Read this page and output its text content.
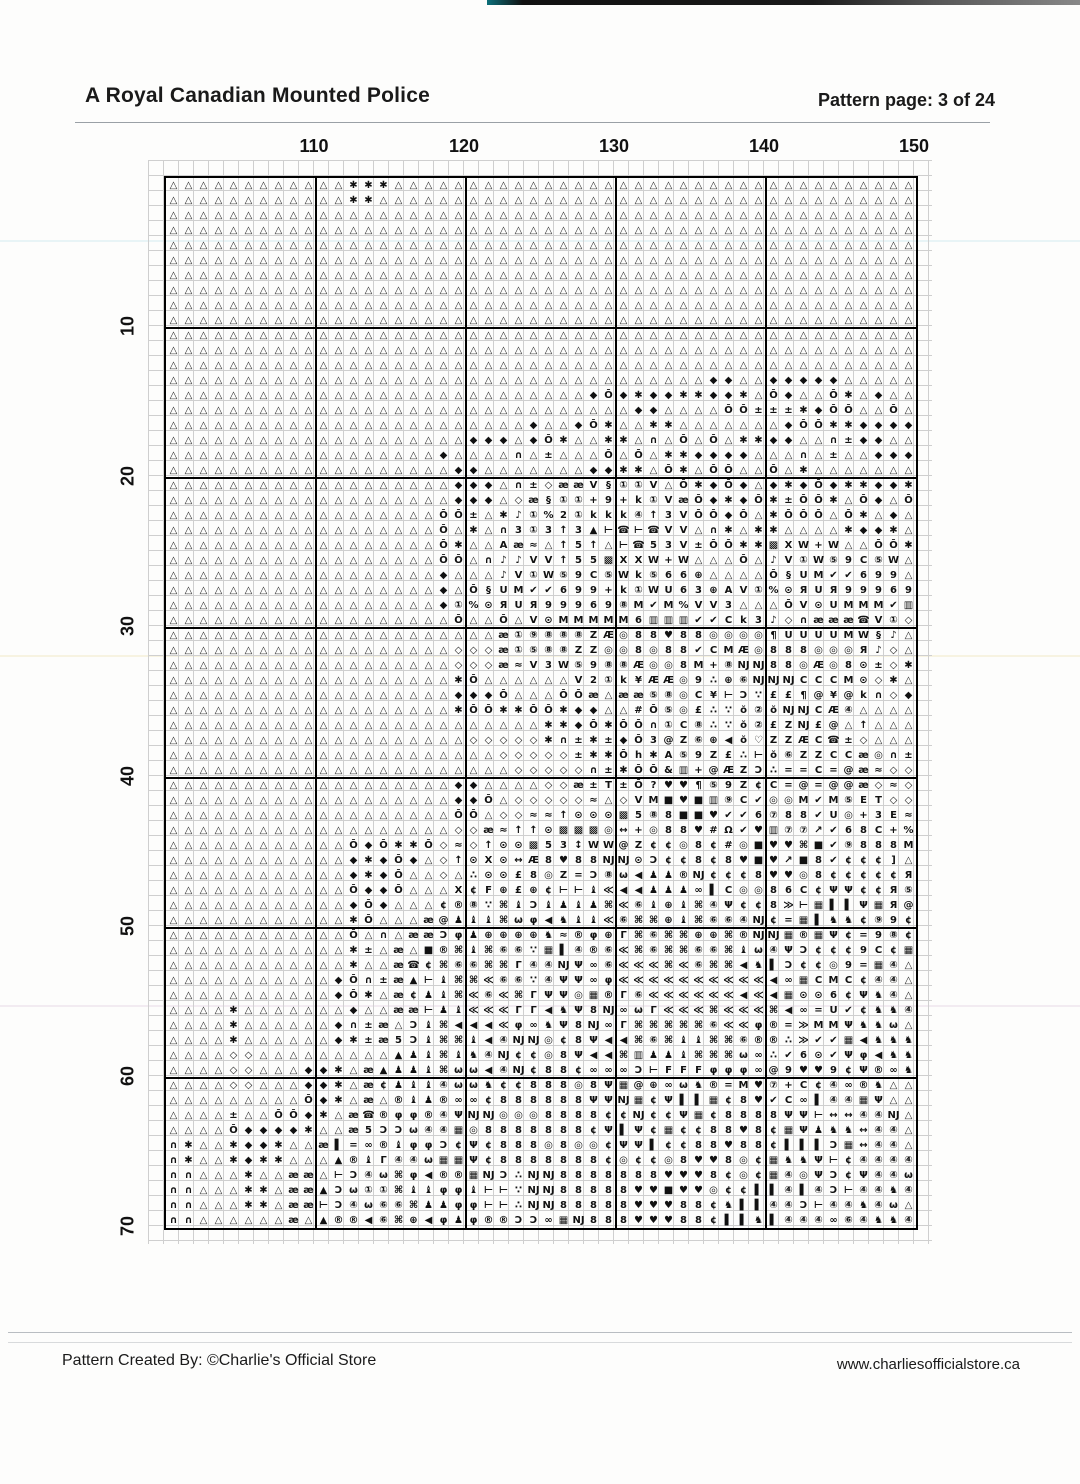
A Royal Canadian Mounted Police	Pattern page: 3 of 24
110	120	130	140	150
10
20
30
40
50
60
70
△ △ △ △ △ △ △ △ △ △ △ △ ✱ ✱ ✱ △ △ △ △ △ △ △ △ △ △ △ △ △ △ △ △ △ △ △ △ △ △ △ △ △ △ △ △ △ △ △ △ △ △ △
△ △ △ △ △ △ △ △ △ △ △ △ ✱ ✱ △ △ △ △ △ △ △ △ △ △ △ △ △ △ △ △ △ △ △ △ △ △ △ △ △ △ △ △ △ △ △ △ △ △ △ △
△ △ △ △ △ △ △ △ △ △ △ △ △ △ △ △ △ △ △ △ △ △ △ △ △ △ △ △ △ △ △ △ △ △ △ △ △ △ △ △ △ △ △ △ △ △ △ △ △ △
△ △ △ △ △ △ △ △ △ △ △ △ △ △ △ △ △ △ △ △ △ △ △ △ △ △ △ △ △ △ △ △ △ △ △ △ △ △ △ △ △ △ △ △ △ △ △ △ △ △
△ △ △ △ △ △ △ △ △ △ △ △ △ △ △ △ △ △ △ △ △ △ △ △ △ △ △ △ △ △ △ △ △ △ △ △ △ △ △ △ △ △ △ △ △ △ △ △ △ △
△ △ △ △ △ △ △ △ △ △ △ △ △ △ △ △ △ △ △ △ △ △ △ △ △ △ △ △ △ △ △ △ △ △ △ △ △ △ △ △ △ △ △ △ △ △ △ △ △ △
△ △ △ △ △ △ △ △ △ △ △ △ △ △ △ △ △ △ △ △ △ △ △ △ △ △ △ △ △ △ △ △ △ △ △ △ △ △ △ △ △ △ △ △ △ △ △ △ △ △
△ △ △ △ △ △ △ △ △ △ △ △ △ △ △ △ △ △ △ △ △ △ △ △ △ △ △ △ △ △ △ △ △ △ △ △ △ △ △ △ △ △ △ △ △ △ △ △ △ △
△ △ △ △ △ △ △ △ △ △ △ △ △ △ △ △ △ △ △ △ △ △ △ △ △ △ △ △ △ △ △ △ △ △ △ △ △ △ △ △ △ △ △ △ △ △ △ △ △ △
△ △ △ △ △ △ △ △ △ △ △ △ △ △ △ △ △ △ △ △ △ △ △ △ △ △ △ △ △ △ △ △ △ △ △ △ △ △ △ △ △ △ △ △ △ △ △ △ △ △
△ △ △ △ △ △ △ △ △ △ △ △ △ △ △ △ △ △ △ △ △ △ △ △ △ △ △ △ △ △ △ △ △ △ △ △ △ △ △ △ △ △ △ △ △ △ △ △ △ △
△ △ △ △ △ △ △ △ △ △ △ △ △ △ △ △ △ △ △ △ △ △ △ △ △ △ △ △ △ △ △ △ △ △ △ △ △ △ △ △ △ △ △ △ △ △ △ △ △ △
△ △ △ △ △ △ △ △ △ △ △ △ △ △ △ △ △ △ △ △ △ △ △ △ △ △ △ △ △ △ △ △ △ △ △ △ △ △ △ △ △ △ △ △ △ △ △ △ △ △
△ △ △ △ △ △ △ △ △ △ △ △ △ △ △ △ △ △ △ △ △ △ △ △ △ △ △ △ △ △ △ △ △ △ △ △ ◆ ◆ △ △ ◆ ◆ ◆ ◆ ◆ △ △ △ △ △
△ △ △ △ △ △ △ △ △ △ △ △ △ △ △ △ △ △ △ △ △ △ △ △ △ △ △ △ ◆ Ō ◆ ✱ ◆ ◆ ✱ ✱ ◆ ◆ ✱ △ Ō ◆ △ △ Ō ✱ △ ◆ △ △
△ △ △ △ △ △ △ △ △ △ △ △ △ △ △ △ △ △ △ △ △ △ △ △ △ △ △ △ △ △ △ ◆ ◆ △ △ △ △ Ō Ō ± ± ± ✱ ◆ Ō Ō △ △ Ō △
△ △ △ △ △ △ △ △ △ △ △ △ △ △ △ △ △ △ △ △ △ △ △ △ ◆ △ △ ◆ Ō ✱ △ △ ✱ ✱ △ △ △ △ △ △ △ ◆ Ō Ō ✱ ✱ ◆ ◆ ◆ ◆
△ △ △ △ △ △ △ △ △ △ △ △ △ △ △ △ △ △ △ △ ◆ ◆ ◆ △ ◆ Ō ✱ △ △ ✱ ✱ △ ∩ △ Ō △ Ō △ ✱ ✱ ◆ ◆ △ △ ∩ ± ◆ ◆ △ △
△ △ △ △ △ △ △ △ △ △ △ △ △ △ △ △ △ △ ◆ △ △ △ △ ∩ △ ± △ △ △ Ō △ Ō △ ✱ ✱ ◆ ◆ ◆ ◆ △ △ △ ∩ △ ± △ △ ◆ ◆ ◆
△ △ △ △ △ △ △ △ △ △ △ △ △ △ △ △ △ △ △ ◆ ◆ △ △ △ △ △ △ △ ◆ ◆ ✱ ✱ △ Ō ✱ △ Ō Ō △ △ Ō △ ✱ △ △ △ △ △ △ △
△ △ △ △ △ △ △ △ △ △ △ △ △ △ △ △ △ △ △ ◆ ◆ ◆ △ ∩ ± ◇ æ æ V § ① ① V △ Ō ✱ ◆ Ō ◆ △ ◆ ✱ ◆ Ō ◆ ✱ ✱ ◆ ◆ ✱
△ △ △ △ △ △ △ △ △ △ △ △ △ △ △ △ △ △ △ ◆ ◆ ◆ △ ◇ æ § ① ① + 9 + k ① V æ Ō ◆ ✱ ◆ Ō ✱ ± Ō Ō ✱ △ Ō ◆ △ Ō
△ △ △ △ △ △ △ △ △ △ △ △ △ △ △ △ △ △ Ō Ō ± △ ✱ ♪ ① % 2 ① k k k ④ ↑ 3 V Ō Ō ◆ Ō △ ✱ Ō Ō Ō △ Ō ✱ △ ◆ △
△ △ △ △ △ △ △ △ △ △ △ △ △ △ △ △ △ △ Ō △ ✱ △ ∩ 3 ① 3 ↑ 3 ▲ ⊢ ☎ ⊢ ☎ V V △ ∩ ✱ △ ✱ ✱ △ △ △ △ ✱ ◆ ◆ ✱ △
△ △ △ △ △ △ △ △ △ △ △ △ △ △ △ △ △ △ Ō ✱ △ △ A æ ≈ △ ↑ 5 ↑ △ ⊢ ☎ 5 3 V ± Ō Ō ✱ ✱ ▩ X W + W △ △ Ō Ō ✱
△ △ △ △ △ △ △ △ △ △ △ △ △ △ △ △ △ △ Ō Ō △ ∩ ♪ ♪ V V ↑ 5 5 ▩ X X W + W △ △ △ Ō △ ♪ V ① W ⑤ 9 C ⑤ W △
△ △ △ △ △ △ △ △ △ △ △ △ △ △ △ △ △ △ ◆ △ △ △ ♪ V ① W ⑤ 9 C ⑤ W k ⑤ 6 6 ⊕ △ △ △ △ Ō § U M ✔ ✔ 6 9 9 △
△ △ △ △ △ △ △ △ △ △ △ △ △ △ △ △ △ △ ◆ △ Ō § U M ✔ ✔ 6 9 9 + k ① W U 6 3 ⊕ A V ① % ⊙ Я U Я 9 9 9 6 9
△ △ △ △ △ △ △ △ △ △ △ △ △ △ △ △ △ △ ◆ ① % ⊙ Я U Я 9 9 9 6 9 ⑧ M ✔ M % V V 3 △ △ △ Ō V ⊙ U M M M ✔ ▥
△ △ △ △ △ △ △ △ △ △ △ △ △ △ △ △ △ △ △ Ō △ △ Ō △ V ⊙ M M M M M 6 ▥ ▥ ▥ ✔ ✔ C k 3 ♪ ◇ ∩ æ æ æ ☎ V ① ◇
△ △ △ △ △ △ △ △ △ △ △ △ △ △ △ △ △ △ △ △ △ △ æ ① ⑨ ⑧ ⑧ ⑧ Z Æ ◎ 8 8 ♥ 8 8 ◎ ◎ ◎ ◎ ¶ U U U U M W § ♪ △
△ △ △ △ △ △ △ △ △ △ △ △ △ △ △ △ △ △ △ ◇ ◇ ◇ æ ① ⑤ ⑧ ⑧ Z Z ◎ ◎ 8 ◎ 8 8 ✔ C M Æ ◎ 8 8 8 ◎ ◎ ◎ Я ♪ ◇ △
△ △ △ △ △ △ △ △ △ △ △ △ △ △ △ △ △ △ △ ◇ ◇ ◇ æ ≈ V 3 W ⑤ 9 ⑧ ⑧ Æ ◎ ◎ 8 M + ⑧ Ǌ Ǌ 8 8 ◎ Æ ◎ 8 ⊙ ± ◇ ✱
△ △ △ △ △ △ △ △ △ △ △ △ △ △ △ △ △ △ △ ✱ Ō △ △ △ △ △ △ V 2 ① k ¥ Æ Æ ◎ 9 ∴ ⊕ ⑥ Ǌ Ǌ Ǌ C C C M ⊙ ◇ ✱ △
△ △ △ △ △ △ △ △ △ △ △ △ △ △ △ △ △ △ △ ◆ ◆ ◆ Ō △ △ △ Ō Ō æ △ æ æ ⑤ ⑧ ◎ C ¥ ⊢ Ɔ ∵ £ £ ¶ @ ¥ @ k ∩ ◇ ◆
△ △ △ △ △ △ △ △ △ △ △ △ △ △ △ △ △ △ △ ✱ Ō Ō ✱ ✱ Ō Ō ✱ ◆ ◆ △ △ # Ō ⑤ ◎ £ ∴ ∵ ŏ ② ŏ Ǌ Ǌ C Æ ④ △ △ △ △
△ △ △ △ △ △ △ △ △ △ △ △ △ △ △ △ △ △ △ △ △ △ △ △ △ ✱ ✱ ◆ Ō ✱ Ō Ō ∩ ① C ⑧ ∴ ∵ ŏ ② £ Z Ǌ £ @ △ ↑ △ △ △
△ △ △ △ △ △ △ △ △ △ △ △ △ △ △ △ △ △ △ △ ◇ ◇ ◇ ◇ ◇ ✱ ∩ ± ✱ ± ◆ Ō 3 @ Z ⑥ ⊕ ◀ ŏ ♡ Z Z Æ C ☎ ± ◇ △ △ △
△ △ △ △ △ △ △ △ △ △ △ △ △ △ △ △ △ △ △ △ △ △ ◇ ◇ ◇ ◇ ◇ ± ✱ ✱ Ō h ✱ A ⑤ 9 Z £ ∴ ⊢ ŏ ⑥ Z Z C C æ ◎ ∩ ±
△ △ △ △ △ △ △ △ △ △ △ △ △ △ △ △ △ △ △ △ △ △ △ ◇ ◇ ◇ ◇ ◇ ∩ ± ✱ Ō Ō & ▥ + @ Æ Z Ɔ ∴ = = C = @ æ ≈ ◇ ◇
△ △ △ △ △ △ △ △ △ △ △ △ △ △ △ △ △ △ △ ◆ ◆ △ △ △ △ ◇ ◇ æ ± T ± Ō ? ♥ ♥ ¶ ⑤ 9 Z ¢ C = @ = @ @ æ ◇ ≈ ◇
△ △ △ △ △ △ △ △ △ △ △ △ △ △ △ △ △ △ △ ◆ ◆ Ō △ ◇ ◇ ◇ ◇ ◇ ≈ △ ◇ V M ■ ♥ ■ ▥ ⑨ C ✔ ◎ ◎ M ✔ M ⑤ E T ◇ ◇
△ △ △ △ △ △ △ △ △ △ △ △ △ △ △ △ △ △ △ Ō Ō △ ◇ ◇ ≈ ≈ ↑ ⊙ ⊙ ⊙ ▩ 5 ⑧ 8 ■ ■ ♥ ✔ ✔ 6 ⑦ 8 8 ✔ U ◎ + 3 E ≈
△ △ △ △ △ △ △ △ △ △ △ △ △ △ △ △ △ △ △ ◇ ◇ æ ≈ ↑ ↑ ⊙ ▩ ▩ ▩ ◎ ↔ + ◎ 8 8 ♥ # Ω ✔ ♥ ▥ ⑦ ⑦ ↗ ✔ 6 8 C + %
△ △ △ △ △ △ △ △ △ △ △ △ Ō ◆ Ō ✱ ✱ Ō ◇ ≈ ◇ ↑ ⊙ ⊙ ▩ 5 3 ↕ W W @ Z ¢ ¢ ◎ 8 ¢ # ◎ ■ ♥ ♥ ⌘ ■ ✔ ⑨ 8 8 8 M
△ △ △ △ △ △ △ △ △ △ △ △ ◆ ✱ ◆ Ō ◆ △ ◇ ↑ ⊙ X ⊙ ↔ Æ 8 ♥ 8 8 Ǌ Ǌ ⊙ Ɔ ¢ ¢ 8 ¢ 8 ♥ ■ ♥ ↗ ■ 8 ✔ ¢ ¢ ¢ ] △
△ △ △ △ △ △ △ △ △ △ △ △ ◆ ✱ ◆ Ō △ △ ◇ △ ∴ ⊙ ⊙ £ 8 ◎ Z = Ɔ ⑧ ω ◀ ♟ ♟ ® Ǌ ¢ ¢ ¢ 8 ♥ ♥ ◎ 8 ¢ ¢ ¢ ¢ ¢ Я
△ △ △ △ △ △ △ △ △ △ △ △ Ō ◆ ◆ Ō △ △ △ X ¢ F ⊕ £ ⊕ ¢ ⊢ ⊢ ♝ ≪ ◀ ◀ ♟ ♟ ♟ ∞ ▌ C ◎ ◎ 8 6 C ¢ Ψ Ψ ¢ ¢ Я ⑤
△ △ △ △ △ △ △ △ △ △ △ △ ◆ Ō ◆ △ △ △ ¢ ® ⑧ ∵ ⌘ ♝ Ɔ ♝ ♟ ♝ ♟ ⌘ ≪ ⑥ ♝ ⊕ ♝ ⌘ ④ Ψ ¢ ¢ 8 ≫ ⊢ ▦ ▌ ▌ Ψ ▦ Я @
△ △ △ △ △ △ △ △ △ △ △ △ ✱ Ō △ △ △ æ @ ♟ ♝ ♝ ⌘ ω φ ◀ ♞ ♝ ♝ ≪ ⑥ ⌘ ⌘ ⊕ ♝ ⌘ ⑥ ⑥ ④ Ǌ ¢ = ▦ ▌ ♞ ♞ ¢ ⑨ 9 ¢
△ △ △ △ △ △ △ △ △ △ △ △ Ō △ ∩ △ æ æ Ɔ φ ♟ ⊕ ⊕ ⊕ ⊕ ♞ ≈ ® φ ⊕ Γ ⌘ ⑥ ⌘ ⌘ ⊕ ⊕ ⌘ ® Ǌ Ǌ ▦ ® ▦ Ψ ¢ = 9 ⑧ ¢
△ △ △ △ △ △ △ △ △ △ △ △ ✱ ± △ æ △ ■ ® ⌘ ♝ ⌘ ⑥ ⑥ ∵ ▦ ▌ ④ ® ⑥ ≪ ⌘ ⑥ ⌘ ⌘ ⑥ ⑥ ⌘ ♝ ω ④ Ψ Ɔ ¢ ¢ ¢ 9 C ¢ ▦
△ △ △ △ △ △ △ △ △ △ △ △ ✱ △ △ æ ☎ ¢ ⌘ ⑥ ⑥ ⌘ ⌘ Γ ④ ④ Ǌ Ψ ∞ ⑥ ≪ ≪ ≪ ⌘ ≪ ⑥ ⌘ ⌘ ◀ ♞ ▌ Ɔ ¢ ¢ ◎ 9 = ▦ ④ △
△ △ △ △ △ △ △ △ △ △ △ ◆ Ō ∩ ± æ ▲ ⊢ ♝ ⌘ ⌘ ≪ ⑥ ⑥ ∵ ④ Ψ Ψ ∞ φ ≪ ≪ ≪ ≪ ≪ ≪ ≪ ≪ ≪ ≪ ◀ ∞ ▦ C M C ¢ ④ ④ △
△ △ △ △ △ △ △ △ △ △ △ ◆ Ō ✱ △ æ ¢ ♟ ♝ ⌘ ≪ ⑥ ≪ ⌘ Γ Ψ Ψ ◎ ▦ ® Γ ⑥ ≪ ≪ ≪ ≪ ≪ ≪ ◀ ≪ ◀ ▦ ⊙ ⊙ 6 ¢ Ψ ♞ ④ △
△ △ △ △ ✱ △ △ △ △ △ △ △ ◆ △ △ æ æ ⊢ ♟ ♝ ≪ ≪ ≪ Γ Γ ◀ ♞ Ψ 8 Ǌ ∞ ω Γ ≪ ≪ ≪ ⌘ ≪ ≪ ≪ ⌘ ◀ ∞ = U ✔ ¢ ♞ ♞ ④
△ △ △ △ ✱ △ △ △ △ △ △ ◆ ∩ ± æ △ Ɔ ♝ ⌘ ◀ ◀ ◀ ≪ φ ∞ ♞ Ψ 8 Ǌ ∞ Γ ⌘ ⌘ ⌘ ⌘ ⌘ ⑥ ≪ ≪ φ ® = ≫ M M Ψ ♞ ♞ ω △
△ △ △ △ ✱ △ △ △ △ △ △ ◆ ✱ ± æ 5 Ɔ ♝ ⌘ ⌘ ♝ ◀ ④ Ǌ Ǌ ◎ ¢ 8 Ψ ◀ ◀ ⌘ ⑥ ⌘ ♝ ♝ ⌘ ⌘ ⑥ ® ® ∴ ≫ ✔ ✔ ▦ ◀ ♞ ♞ ♞
△ △ △ △ ◇ ◇ △ △ △ △ △ △ △ △ △ ▲ ♟ ♝ ⌘ ♝ ♞ ④ Ǌ ¢ ¢ ◎ 8 Ψ ◀ ◀ ⌘ ▥ ♟ ♟ ♝ ⌘ ⌘ ⌘ ω ∞ ∴ ✔ 6 ⊙ ✔ Ψ φ ◀ ♞ ♞
△ △ △ △ ◇ ◇ △ △ △ ◆ ◆ ✱ △ æ ▲ ♟ ♟ ♝ ⌘ ω ω ◀ ④ Ǌ ¢ 8 8 ¢ ∞ ∞ ∞ Ɔ ⊢ F F F φ φ φ ∞ @ 9 ♥ ♥ 9 ¢ Ψ ® ∞ ♞
△ △ △ △ ◇ ◇ △ △ △ ◆ ◆ ✱ △ æ ¢ ♟ ♝ ♝ ④ ω ω ♞ ¢ ¢ 8 8 8 ◎ 8 Ψ ▦ @ ⊕ ∞ ω ♞ ® = M ♥ ⑦ + C ¢ ④ ∞ ® ♞ △ △
△ △ △ △ △ △ △ △ △ Ō ◆ ✱ △ æ △ ® ♝ ♟ ® ∞ ∞ ¢ 8 8 8 8 8 8 Ψ Ψ Ǌ ▦ ¢ Ψ ▌ ▌ ▦ ¢ 8 ♥ ✔ C ∞ ▌ ④ ④ ▦ Ψ △ △
△ △ △ △ ± △ △ Ō Ō ◆ ✱ △ æ ☎ ® φ φ ® ④ Ψ Ǌ Ǌ ◎ ◎ ◎ 8 8 8 8 ¢ ¢ Ǌ ¢ ¢ Ψ ▦ ¢ 8 8 8 8 Ψ Ψ ⊢ ↔ ↔ ④ ④ Ǌ △
△ △ △ △ Ō ◆ ◆ ◆ ◆ ✱ △ △ æ 5 Ɔ Ɔ ω ④ ④ ▦ ◎ 8 8 8 8 8 8 8 ¢ Ψ ▌ Ψ ¢ ▦ ¢ ¢ 8 8 ♥ 8 ¢ ▦ Ψ ♟ ♞ ♞ ↔ ④ ④ △
∩ ✱ △ △ ✱ ◆ ◆ ✱ △ △ æ ▌ = ∞ ® ♝ φ φ Ɔ ¢ Ψ ¢ 8 8 8 ◎ 8 ◎ ◎ ¢ Ψ Ψ ▌ ¢ ¢ 8 8 ♥ 8 8 ¢ ▌ ▌ ▌ Ɔ ▦ ↔ ④ ④ △
∩ ✱ △ △ ✱ ◆ ✱ ✱ △ △ △ ▲ ® ♝ Γ ④ ④ ω ▦ ▦ Ψ ¢ 8 8 8 8 8 8 8 ¢ ◎ ¢ ¢ ◎ 8 ♥ ♥ 8 ◎ ¢ ▦ ♞ ♞ Ψ ⊢ ¢ ④ ④ ④ ④
∩ ∩ △ △ △ ✱ △ △ æ æ △ ⊢ Ɔ ④ ω ⌘ φ ◀ ® ® ▦ Ǌ Ɔ ∴ Ǌ Ǌ 8 8 8 8 8 8 8 ♥ ♥ ♥ 8 ¢ ◎ ¢ ▦ ④ ◎ Ψ Ɔ ¢ Ψ ④ ④ ω
∩ ∩ △ △ △ ✱ ✱ △ æ æ ▲ Ɔ ω ① ① ⌘ ♝ ♝ φ φ ♝ ⊢ ⊢ ∵ Ǌ Ǌ 8 8 8 8 8 ♥ ♥ ■ ♥ ♥ ◎ ¢ ¢ ▌ ▌ ④ ▌ ④ Ɔ ⊢ ④ ④ ♞ ④
∩ ∩ △ △ △ ✱ ✱ △ æ æ ⊢ Ɔ ④ ω ⑥ ⑥ ⌘ ♟ ♟ φ φ ⊢ ⊢ ∴ Ǌ Ǌ 8 8 8 8 8 ♥ ♥ ♥ 8 8 ¢ ♞ ▌ ▌ ④ ④ Ɔ ⊢ ④ ④ ♞ ④ ω △
∩ ∩ △ △ △ △ △ △ æ △ ▲ ® ® ◀ ⑥ ⌘ ⊕ ◀ φ ♟ φ ® ® Ɔ Ɔ ∞ ▦ Ǌ 8 8 8 ♥ ♥ ♥ 8 8 ¢ ▌ ▌ ♞ ▌ ④ ④ ④ ∞ ⑥ ④ ♞ ♞ ④
Pattern Created By: ©Charlie's Official Store	www.charliesofficialstore.ca
